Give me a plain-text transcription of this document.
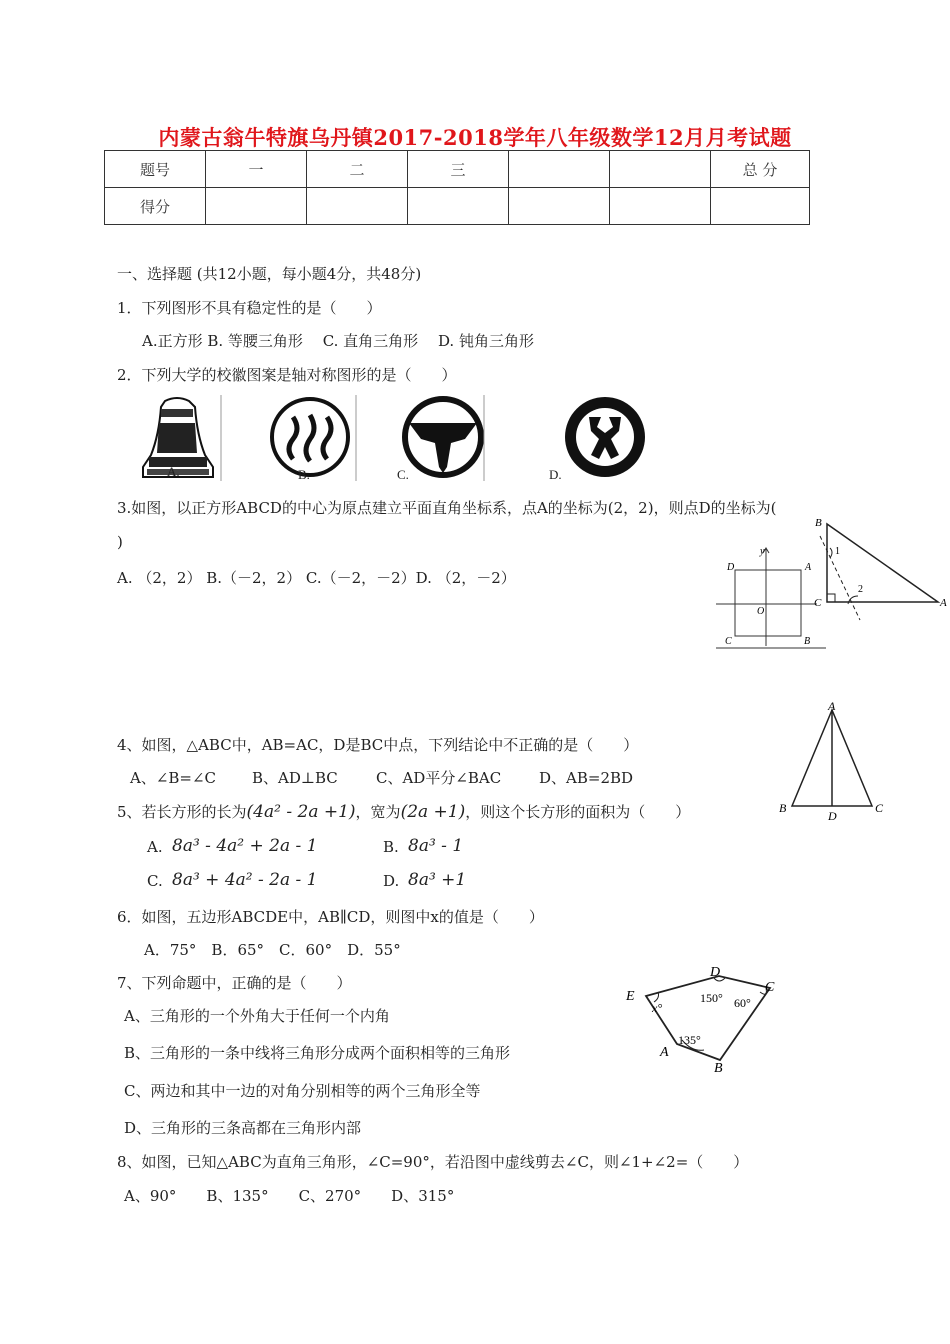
内蒙古翁牛特旗乌丹镇2017-2018学年八年级数学12月月考试题
题号	一	二	三			总 分
得分						
一、选择题 (共12小题，每小题4分，共48分)
1．下列图形不具有稳定性的是（　　）
A.正方形 B. 等腰三角形　 C. 直角三角形　 D. 钝角三角形
2．下列大学的校徽图案是轴对称图形的是（　　）
A.	B.	C.	D.
3.如图，以正方形ABCD的中心为原点建立平面直角坐标系，点A的坐标为(2，2)，则点D的坐标为(
)
A. （2，2） B.（－2，2） C.（－2，－2）D. （2，－2）
D	A
C	B
O
y
B
C	A
1
2
4、如图，△ABC中，AB=AC，D是BC中点，下列结论中不正确的是（　　）
A、∠B=∠C B、AD⊥BC	C、AD平分∠BAC	D、AB=2BD
A
B	C
D
5、若长方形的长为(4a² - 2a +1)，宽为(2a +1)，则这个长方形的面积为（　　）
A. 8a³ - 4a² + 2a - 1	B. 8a³ - 1
C. 8a³ + 4a² - 2a - 1	D. 8a³ +1
6．如图，五边形ABCDE中，AB∥CD，则图中x的值是（　　）
A．75°　B．65°　C．60°　D．55°
E
D
C
A
B
x°
150° 60°
135°
7、下列命题中，正确的是（　　）
A、三角形的一个外角大于任何一个内角
B、三角形的一条中线将三角形分成两个面积相等的三角形
C、两边和其中一边的对角分别相等的两个三角形全等
D、三角形的三条高都在三角形内部
8、如图，已知△ABC为直角三角形，∠C=90°，若沿图中虚线剪去∠C，则∠1+∠2=（　　）
A、90°　　B、135°　　C、270°　　D、315°
